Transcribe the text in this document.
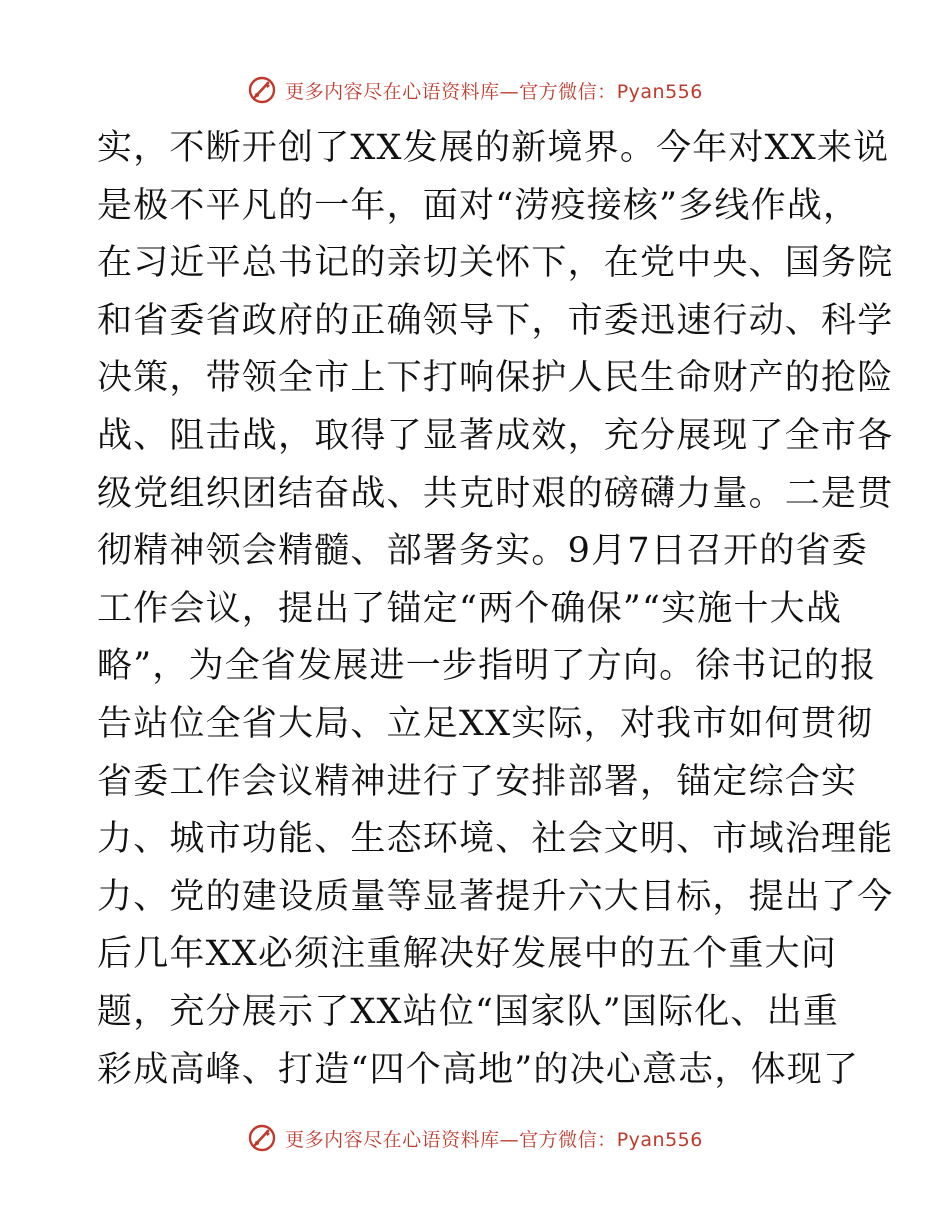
更多内容尽在心语资料库—官方微信：Pyan556
实，不断开创了XX发展的新境界。今年对XX来说
是极不平凡的一年，面对“涝疫接核”多线作战，
在习近平总书记的亲切关怀下，在党中央、国务院
和省委省政府的正确领导下，市委迅速行动、科学
决策，带领全市上下打响保护人民生命财产的抢险
战、阻击战，取得了显著成效，充分展现了全市各
级党组织团结奋战、共克时艰的磅礴力量。二是贯
彻精神领会精髓、部署务实。9月7日召开的省委
工作会议，提出了锚定“两个确保”“实施十大战
略”，为全省发展进一步指明了方向。徐书记的报
告站位全省大局、立足XX实际，对我市如何贯彻
省委工作会议精神进行了安排部署，锚定综合实
力、城市功能、生态环境、社会文明、市域治理能
力、党的建设质量等显著提升六大目标，提出了今
后几年XX必须注重解决好发展中的五个重大问
题，充分展示了XX站位“国家队”国际化、出重
彩成高峰、打造“四个高地”的决心意志，体现了
更多内容尽在心语资料库—官方微信：Pyan556
